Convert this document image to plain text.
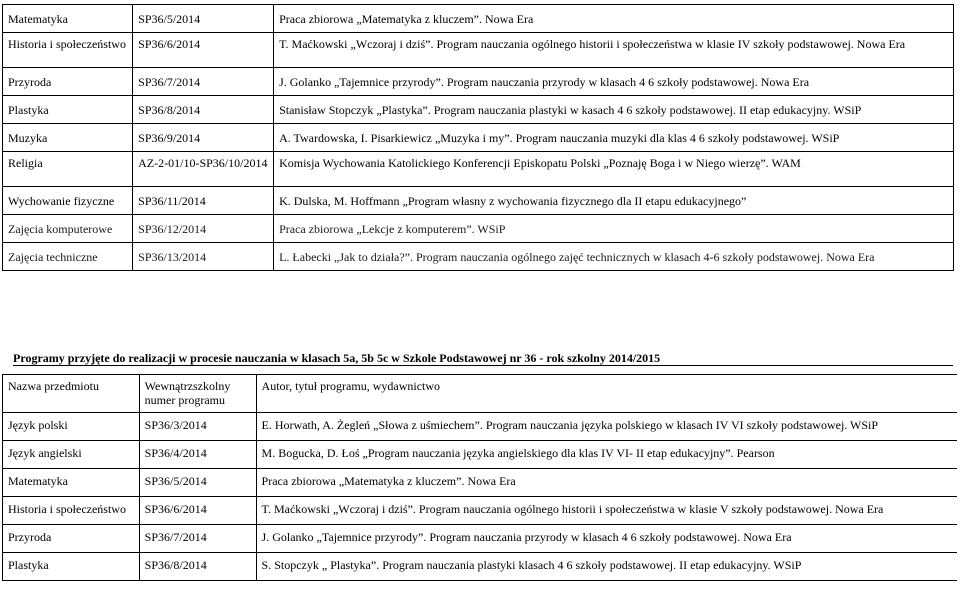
Matematyka	SP36/5/2014	Praca zbiorowa „Matematyka z kluczem”. Nowa Era
Historia i społeczeństwo	SP36/6/2014	T. Maćkowski „Wczoraj i dziś”. Program nauczania ogólnego historii i społeczeństwa w klasie IV szkoły podstawowej. Nowa Era
Przyroda	SP36/7/2014	J. Golanko „Tajemnice przyrody”. Program nauczania przyrody w klasach 4 6 szkoły podstawowej. Nowa Era
Plastyka	SP36/8/2014	Stanisław Stopczyk „Plastyka”. Program nauczania plastyki w kasach 4 6 szkoły podstawowej. II etap edukacyjny. WSiP
Muzyka	SP36/9/2014	A. Twardowska, I. Pisarkiewicz „Muzyka i my”. Program nauczania muzyki dla klas 4 6 szkoły podstawowej. WSiP
Religia	AZ-2-01/10-SP36/10/2014	Komisja Wychowania Katolickiego Konferencji Episkopatu Polski „Poznaję Boga i w Niego wierzę”. WAM
Wychowanie fizyczne	SP36/11/2014	K. Dulska, M. Hoffmann „Program własny z wychowania fizycznego dla II etapu edukacyjnego”
Zajęcia komputerowe	SP36/12/2014	Praca zbiorowa „Lekcje z komputerem”. WSiP
Zajęcia techniczne	SP36/13/2014	L. Łabecki „Jak to działa?”. Program nauczania ogólnego zajęć technicznych w klasach 4-6 szkoły podstawowej. Nowa Era
Programy przyjęte do realizacji w procesie nauczania w klasach 5a, 5b 5c w Szkole Podstawowej nr 36 - rok szkolny 2014/2015
Nazwa przedmiotu	Wewnątrzszkolny numer programu	Autor, tytuł programu, wydawnictwo
Język polski	SP36/3/2014	E. Horwath, A. Żegleń „Słowa z uśmiechem”. Program nauczania języka polskiego w klasach IV VI szkoły podstawowej. WSiP
Język angielski	SP36/4/2014	M. Bogucka, D. Łoś „Program nauczania języka angielskiego dla klas IV VI- II etap edukacyjny”. Pearson
Matematyka	SP36/5/2014	Praca zbiorowa „Matematyka z kluczem”. Nowa Era
Historia i społeczeństwo	SP36/6/2014	T. Maćkowski „Wczoraj i dziś”. Program nauczania ogólnego historii i społeczeństwa w klasie V szkoły podstawowej. Nowa Era
Przyroda	SP36/7/2014	J. Golanko „Tajemnice przyrody”. Program nauczania przyrody w klasach 4 6 szkoły podstawowej. Nowa Era
Plastyka	SP36/8/2014	S. Stopczyk „ Plastyka”. Program nauczania plastyki klasach 4 6 szkoły podstawowej. II etap edukacyjny. WSiP
